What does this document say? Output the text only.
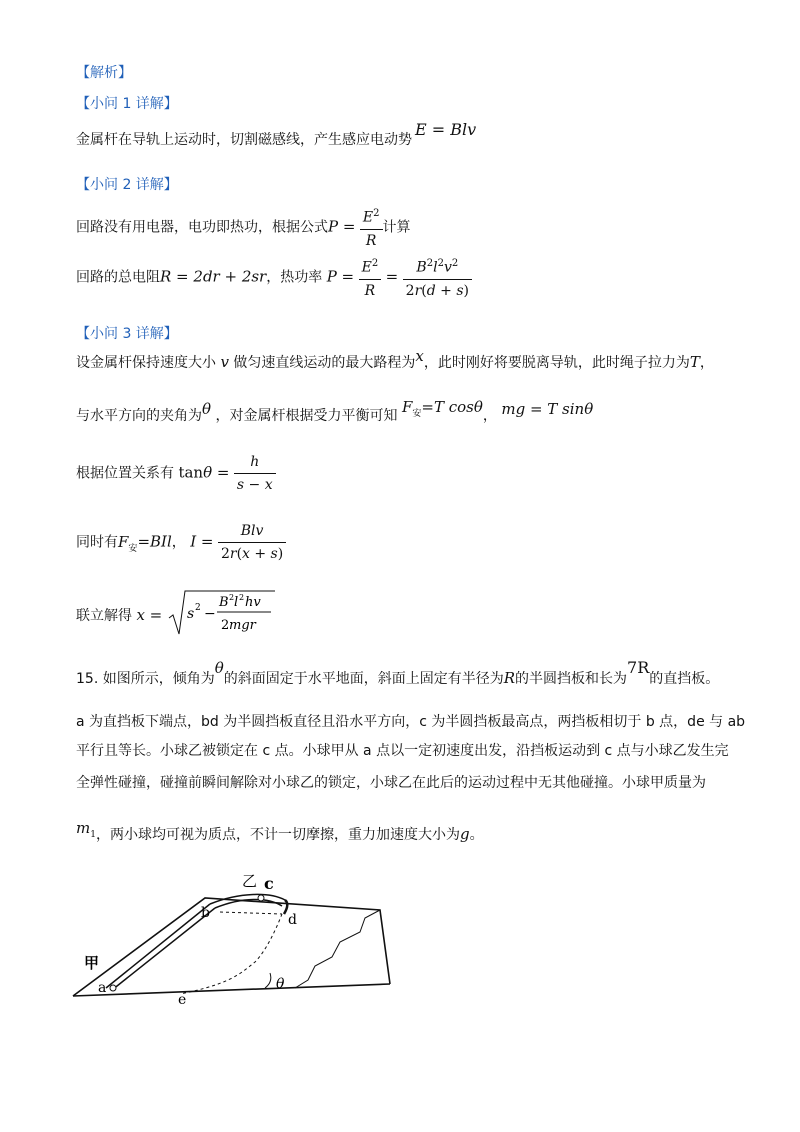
【解析】
【小问 1 详解】
金属杆在导轨上运动时，切割磁感线，产生感应电动势
E = Blv
【小问 2 详解】
回路没有用电器，电功即热功，根据公式$P = \frac{E^2}{R}$ 计算
回路的总电阻R = 2dr + 2sr，热功率 $P = \frac{E^2}{R} = \frac{B^2l^2v^2}{2r(d + s)}$
【小问 3 详解】
设金属杆保持速度大小 v 做匀速直线运动的最大路程为x，此时刚好将要脱离导轨，此时绳子拉力为T，
与水平方向的夹角为θ ，对金属杆根据受力平衡可知 $F_安=T$ cosθ， mg = T sinθ
根据位置关系有 $\tan\theta = \frac{h}{s - x}$
同时有$F_安=BIl$， $I = \frac{\text{Blv}}{2r(x + s)}$
联立解得 x = s 2 −
B 2 l 2 hv
2 mgr
15. 如图所示，倾角为θ的斜面固定于水平地面，斜面上固定有半径为R的半圆挡板和长为7R的直挡板。
a 为直挡板下端点，bd 为半圆挡板直径且沿水平方向，c 为半圆挡板最高点，两挡板相切于 b 点，de 与 ab
平行且等长。小球乙被锁定在 c 点。小球甲从 a 点以一定初速度出发，沿挡板运动到 c 点与小球乙发生完
全弹性碰撞，碰撞前瞬间解除对小球乙的锁定，小球乙在此后的运动过程中无其他碰撞。小球甲质量为
$m_1$，两小球均可视为质点，不计一切摩擦，重力加速度大小为g。
甲
a
b
乙 c
d
e
θ
